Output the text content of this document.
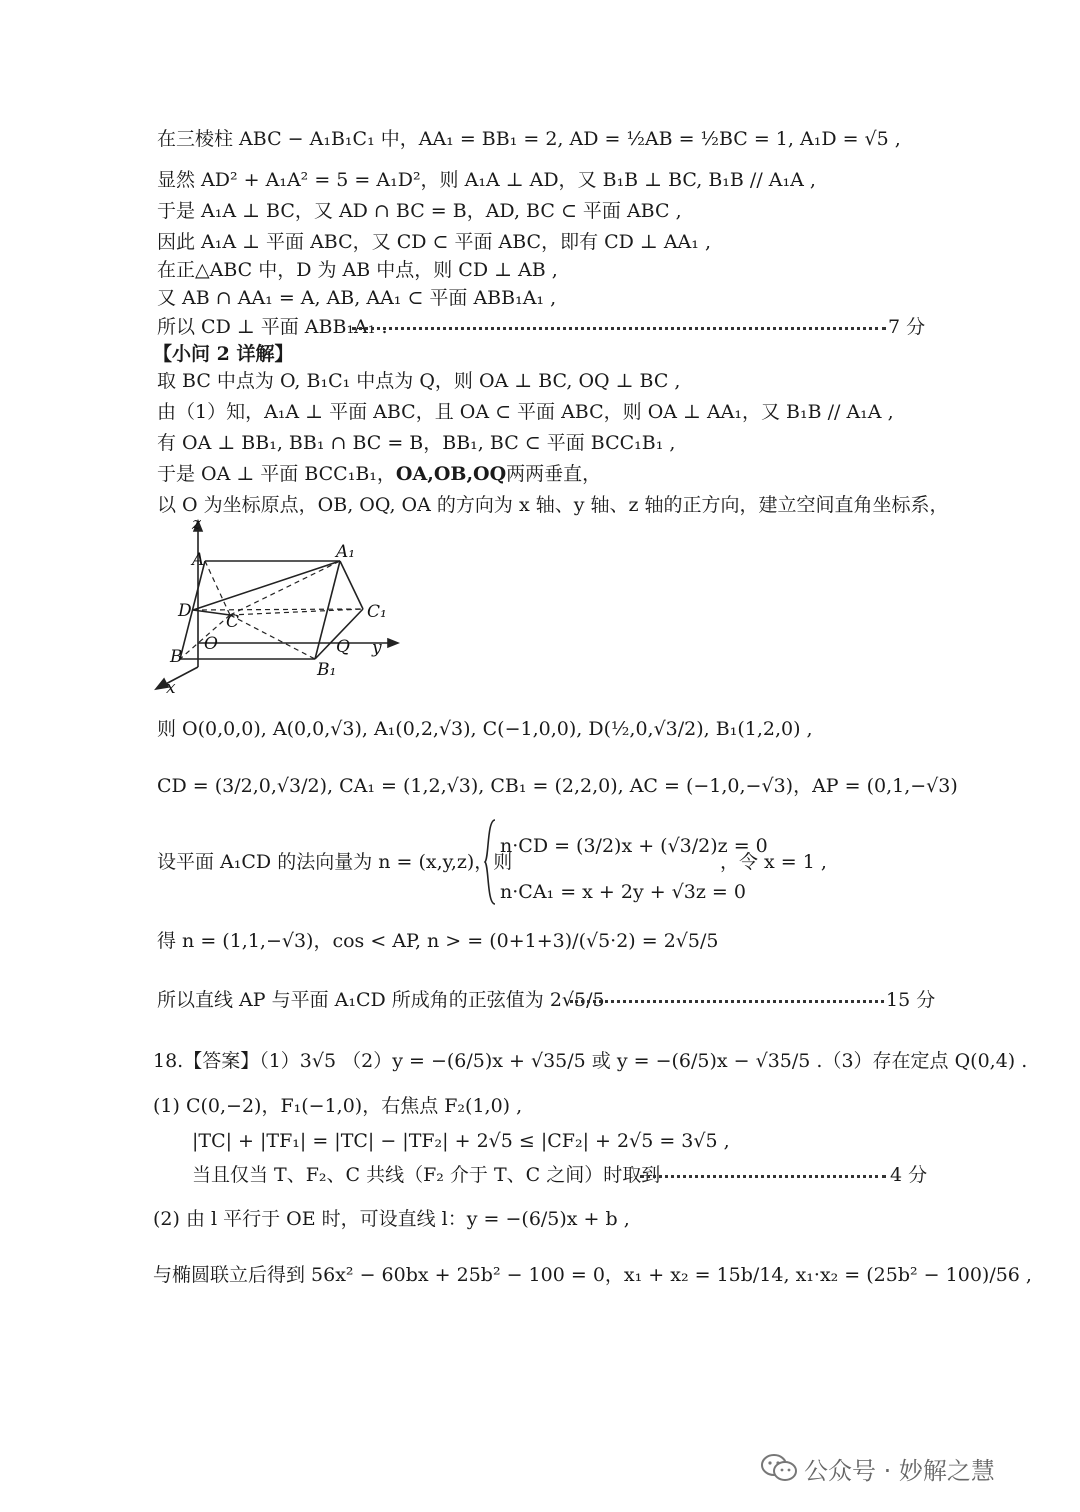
在三棱柱 ABC − A₁B₁C₁ 中，AA₁ = BB₁ = 2, AD = ½AB = ½BC = 1, A₁D = √5 ,

显然 AD² + A₁A² = 5 = A₁D²，则 A₁A ⊥ AD，又 B₁B ⊥ BC, B₁B // A₁A ,

于是 A₁A ⊥ BC，又 AD ∩ BC = B，AD, BC ⊂ 平面 ABC ,

因此 A₁A ⊥ 平面 ABC，又 CD ⊂ 平面 ABC，即有 CD ⊥ AA₁ ,

在正△ABC 中，D 为 AB 中点，则 CD ⊥ AB ,

又 AB ∩ AA₁ = A, AB, AA₁ ⊂ 平面 ABB₁A₁ ,

所以 CD ⊥ 平面 ABB₁A₁ .	7 分

【小问 2 详解】

取 BC 中点为 O, B₁C₁ 中点为 Q，则 OA ⊥ BC, OQ ⊥ BC ,

由（1）知，A₁A ⊥ 平面 ABC，且 OA ⊂ 平面 ABC，则 OA ⊥ AA₁，又 B₁B // A₁A ,

有 OA ⊥ BB₁, BB₁ ∩ BC = B，BB₁, BC ⊂ 平面 BCC₁B₁ ,

于是 OA ⊥ 平面 BCC₁B₁，OA,OB,OQ两两垂直，

以 O 为坐标原点，OB, OQ, OA 的方向为 x 轴、y 轴、z 轴的正方向，建立空间直角坐标系，

z
A	A₁
D
C	C₁
O	Q y
B
B₁
x

则 O(0,0,0), A(0,0,√3), A₁(0,2,√3), C(−1,0,0), D(½,0,√3/2), B₁(1,2,0) ,

CD = (3/2,0,√3/2), CA₁ = (1,2,√3), CB₁ = (2,2,0), AC = (−1,0,−√3)，AP = (0,1,−√3)

设平面 A₁CD 的法向量为 n = (x,y,z)，则

n·CD = (3/2)x + (√3/2)z = 0

n·CA₁ = x + 2y + √3z = 0

，令 x = 1 ,

得 n = (1,1,−√3)，cos < AP, n > = (0+1+3)/(√5·2) = 2√5/5

所以直线 AP 与平面 A₁CD 所成角的正弦值为 2√5/5	15 分

18.【答案】（1）3√5 （2）y = −(6/5)x + √35/5 或 y = −(6/5)x − √35/5 .（3）存在定点 Q(0,4) .

(1) C(0,−2)，F₁(−1,0)，右焦点 F₂(1,0) ,

|TC| + |TF₁| = |TC| − |TF₂| + 2√5 ≤ |CF₂| + 2√5 = 3√5 ,

当且仅当 T、F₂、C 共线（F₂ 介于 T、C 之间）时取到	4 分

(2) 由 l 平行于 OE 时，可设直线 l：y = −(6/5)x + b ,

与椭圆联立后得到 56x² − 60bx + 25b² − 100 = 0，x₁ + x₂ = 15b/14, x₁·x₂ = (25b² − 100)/56 ,

公众号 · 妙解之慧
